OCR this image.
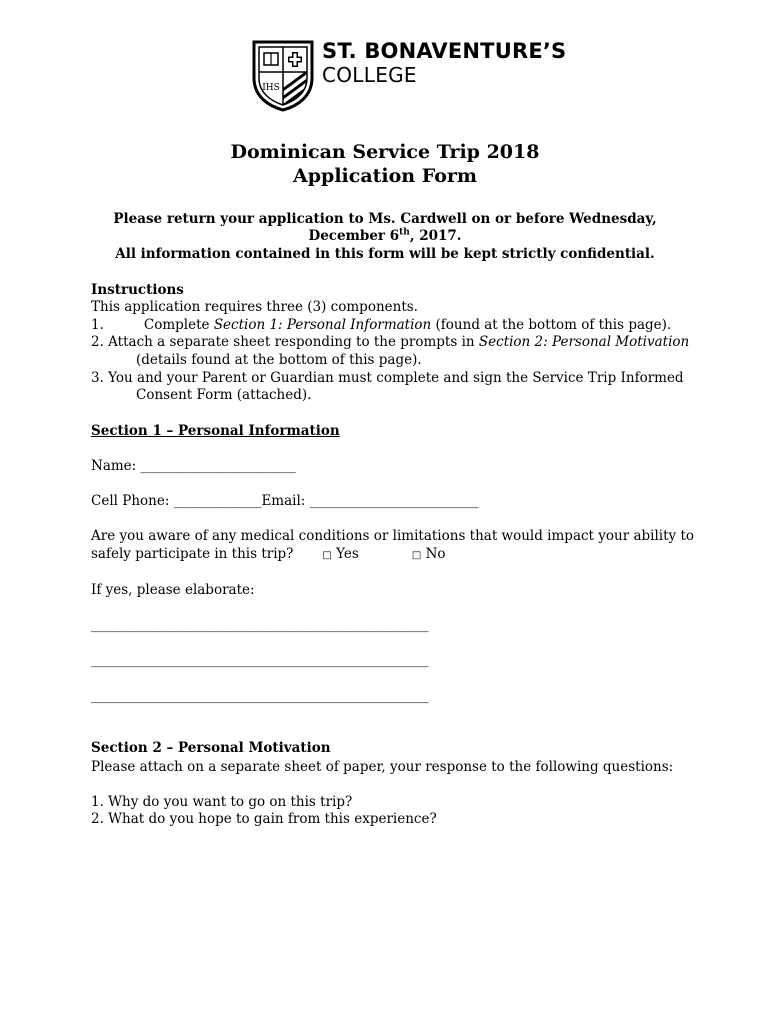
IHS
ST. BONAVENTURE’S
COLLEGE
Dominican Service Trip 2018
Application Form
Please return your application to Ms. Cardwell on or before Wednesday,
December 6th, 2017.
All information contained in this form will be kept strictly confidential.
Instructions
This application requires three (3) components.
1.	Complete Section 1: Personal Information (found at the bottom of this page).
2. Attach a separate sheet responding to the prompts in Section 2: Personal Motivation
(details found at the bottom of this page).
3. You and your Parent or Guardian must complete and sign the Service Trip Informed
Consent Form (attached).
Section 1 – Personal Information
Name: _______________________
Cell Phone: _____________Email: _________________________
Are you aware of any medical conditions or limitations that would impact your ability to
safely participate in this trip?	□ Yes	□ No
If yes, please elaborate:
__________________________________________________
__________________________________________________
__________________________________________________
Section 2 – Personal Motivation
Please attach on a separate sheet of paper, your response to the following questions:
1. Why do you want to go on this trip?
2. What do you hope to gain from this experience?
